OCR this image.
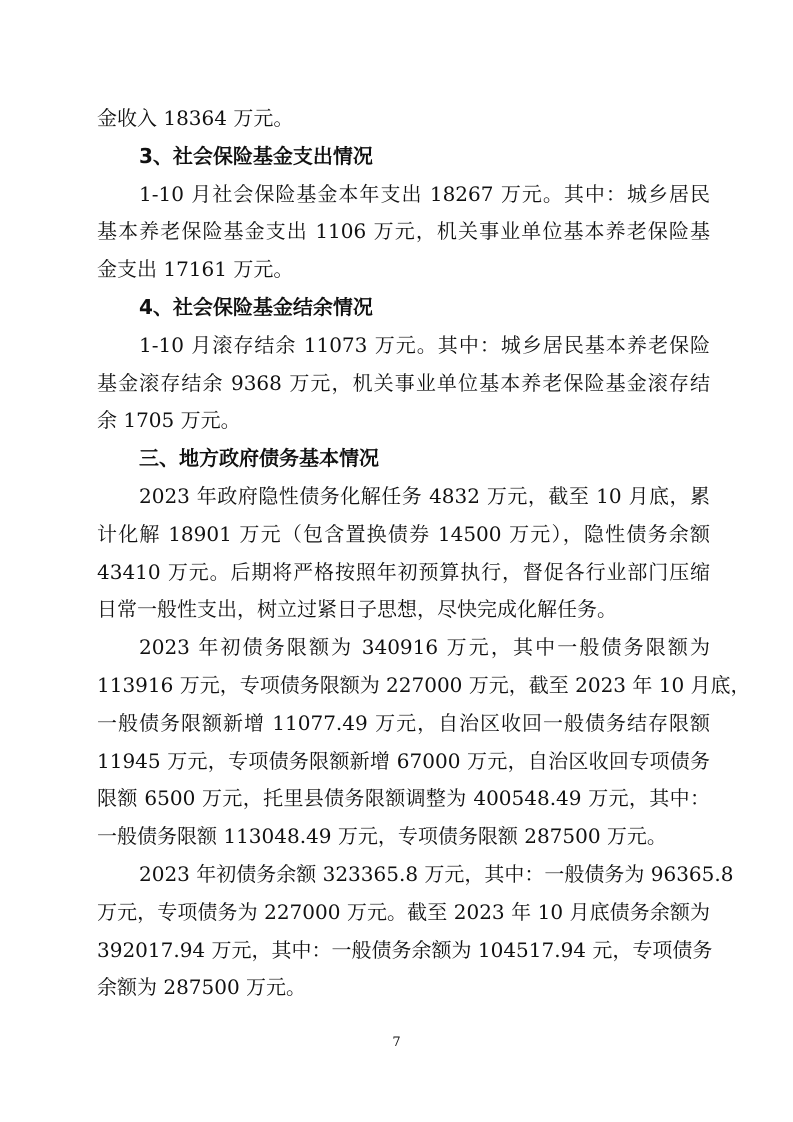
金收入 18364 万元。
3、社会保险基金支出情况
1-10 月社会保险基金本年支出 18267 万元。其中：城乡居民
基本养老保险基金支出 1106 万元，机关事业单位基本养老保险基
金支出 17161 万元。
4、社会保险基金结余情况
1-10 月滚存结余 11073 万元。其中：城乡居民基本养老保险
基金滚存结余 9368 万元，机关事业单位基本养老保险基金滚存结
余 1705 万元。
三、地方政府债务基本情况
2023 年政府隐性债务化解任务 4832 万元，截至 10 月底，累
计化解 18901 万元（包含置换债券 14500 万元），隐性债务余额
43410 万元。后期将严格按照年初预算执行，督促各行业部门压缩
日常一般性支出，树立过紧日子思想，尽快完成化解任务。
2023 年初债务限额为 340916 万元，其中一般债务限额为
113916 万元，专项债务限额为 227000 万元，截至 2023 年 10 月底，
一般债务限额新增 11077.49 万元，自治区收回一般债务结存限额
11945 万元，专项债务限额新增 67000 万元，自治区收回专项债务
限额 6500 万元，托里县债务限额调整为 400548.49 万元，其中：
一般债务限额 113048.49 万元，专项债务限额 287500 万元。
2023 年初债务余额 323365.8 万元，其中：一般债务为 96365.8
万元，专项债务为 227000 万元。截至 2023 年 10 月底债务余额为
392017.94 万元，其中：一般债务余额为 104517.94 元，专项债务
余额为 287500 万元。
7
